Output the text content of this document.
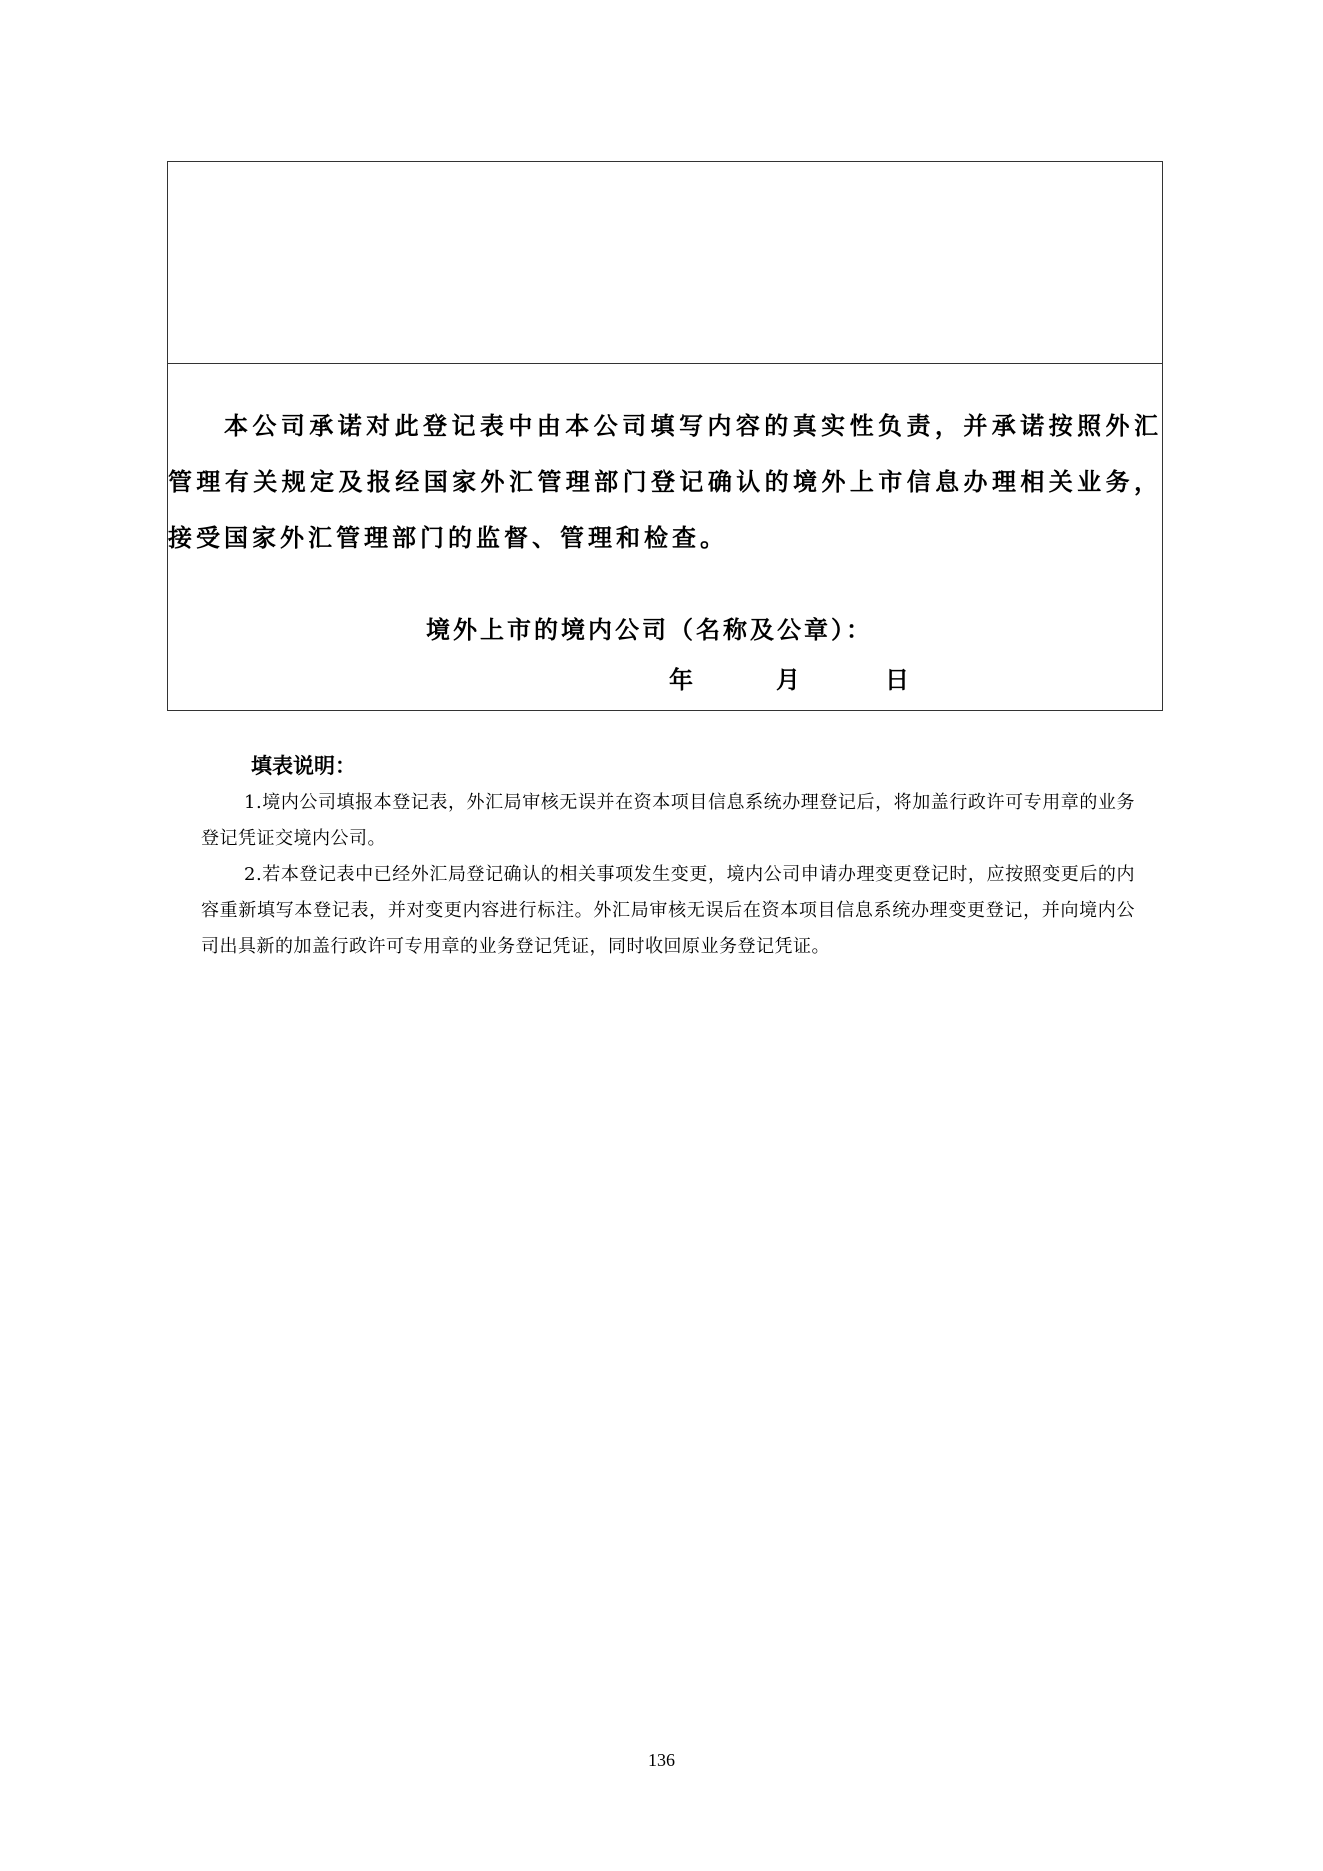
本公司承诺对此登记表中由本公司填写内容的真实性负责，并承诺按照外汇管理有关规定及报经国家外汇管理部门登记确认的境外上市信息办理相关业务，接受国家外汇管理部门的监督、管理和检查。

境外上市的境内公司（名称及公章）：
年	月	日
填表说明：

1.境内公司填报本登记表，外汇局审核无误并在资本项目信息系统办理登记后，将加盖行政许可专用章的业务登记凭证交境内公司。

2.若本登记表中已经外汇局登记确认的相关事项发生变更，境内公司申请办理变更登记时，应按照变更后的内容重新填写本登记表，并对变更内容进行标注。外汇局审核无误后在资本项目信息系统办理变更登记，并向境内公司出具新的加盖行政许可专用章的业务登记凭证，同时收回原业务登记凭证。

136
